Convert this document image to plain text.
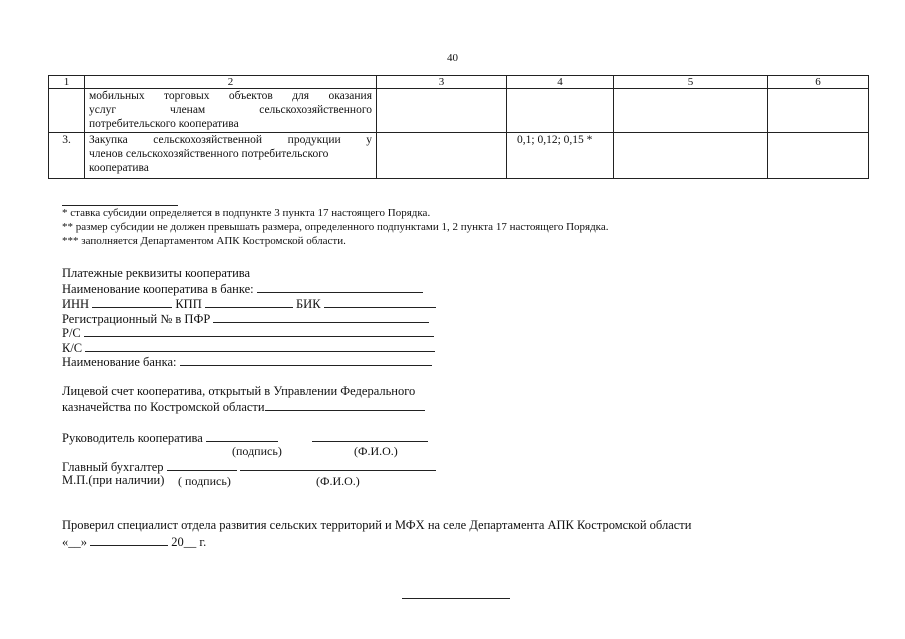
40
1	2	3	4	5	6

	мобильных торговых объектов для оказания
услуг членам сельскохозяйственного
потребительского кооператива				

3.	Закупка сельскохозяйственной продукции у
членов сельскохозяйственного потребительского
кооператива		0,1; 0,12; 0,15 *		
* ставка субсидии определяется в подпункте 3 пункта 17 настоящего Порядка.
** размер субсидии не должен превышать размера, определенного подпунктами 1, 2 пункта 17 настоящего Порядка.
*** заполняется Департаментом АПК Костромской области.
Платежные реквизиты кооператива
Наименование кооператива в банке:
ИНН	КПП	БИК
Регистрационный № в ПФР
Р/С
К/С
Наименование банка:
Лицевой счет кооператива, открытый в Управлении Федерального
казначейства по Костромской области
Руководитель кооператива
(подпись)	(Ф.И.О.)
Главный бухгалтер
М.П.(при наличии) ( подпись)	(Ф.И.О.)
Проверил специалист отдела развития сельских территорий и МФХ на селе Департамента АПК Костромской области
«__»	20__ г.
